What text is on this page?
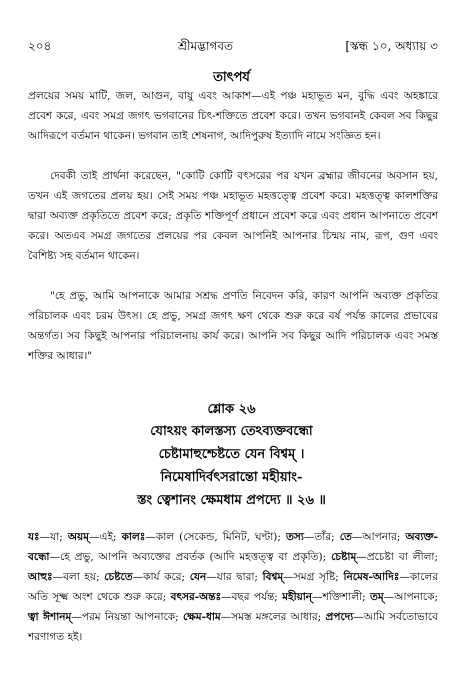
২০৪	শ্রীমদ্ভাগবত	[স্কন্ধ ১০, অধ্যায় ৩
তাৎপর্য

প্রলয়ের সময় মাটি, জল, আগুন, বায়ু এবং আকাশ—এই পঞ্চ মহাভূত মন, বুদ্ধি এবং অহঙ্কারে প্রবেশ করে, এবং সমগ্র জগৎ ভগবানের চিৎ-শক্তিতে প্রবেশ করে। তখন ভগবানই কেবল সব কিছুর আদিরূপে বর্তমান থাকেন। ভগবান তাই শেষনাগ, আদিপুরুষ ইত্যাদি নামে সংজ্ঞিত হন।

দেবকী তাই প্রার্থনা করেছেন, "কোটি কোটি বৎসরের পর যখন ব্রহ্মার জীবনের অবসান হয়, তখন এই জগতের প্রলয় হয়। সেই সময় পঞ্চ মহাভূত মহত্তত্ত্বে প্রবেশ করে। মহত্তত্ত্ব কালশক্তির দ্বারা অব্যক্ত প্রকৃতিতে প্রবেশ করে; প্রকৃতি শক্তিপূর্ণ প্রধানে প্রবেশ করে এবং প্রধান আপনাতে প্রবেশ করে। অতএব সমগ্র জগতের প্রলয়ের পর কেবল আপনিই আপনার চিন্ময় নাম, রূপ, গুণ এবং বৈশিষ্ট্য সহ বর্তমান থাকেন।

"হে প্রভু, আমি আপনাকে আমার সশ্রদ্ধ প্রণতি নিবেদন করি, কারণ আপনি অব্যক্ত প্রকৃতির পরিচালক এবং চরম উৎস। হে প্রভু, সমগ্র জগৎ ক্ষণ থেকে শুরু করে বর্ষ পর্যন্ত কালের প্রভাবের অন্তর্গত। সব কিছুই আপনার পরিচালনায় কার্য করে। আপনি সব কিছুর আদি পরিচালক এবং সমস্ত শক্তির আধার।"

শ্লোক ২৬
যোঽয়ং কালস্তস্য তেঽব্যক্তবন্ধো
চেষ্টামাহুশ্চেষ্টতে যেন বিশ্বম্ ।
নিমেষাদির্বৎসরান্তো মহীয়াং-
স্তং ত্বেশানং ক্ষেমধাম প্রপদ্যে ॥ ২৬ ॥

যঃ—যা; অয়ম্—এই; কালঃ—কাল (সেকেন্ড, মিনিট, ঘণ্টা); তস্য—তাঁর; তে—আপনার; অব্যক্ত-বন্ধো—হে প্রভু, আপনি অব্যক্তের প্রবর্তক (আদি মহত্তত্ত্ব বা প্রকৃতি); চেষ্টাম্—প্রচেষ্টা বা লীলা; আহুঃ—বলা হয়; চেষ্টতে—কার্য করে; যেন—যার দ্বারা; বিশ্বম্—সমগ্র সৃষ্টি; নিমেষ-আদিঃ—কালের অতি সূক্ষ্ম অংশ থেকে শুরু করে; বৎসর-অন্তঃ—বছর পর্যন্ত; মহীয়ান্—শক্তিশালী; তম্—আপনাকে; ত্বা ঈশানম্—পরম নিয়ন্তা আপনাকে; ক্ষেম-ধাম—সমস্ত মঙ্গলের আধার; প্রপদ্যে—আমি সর্বতোভাবে শরণাগত হই।
